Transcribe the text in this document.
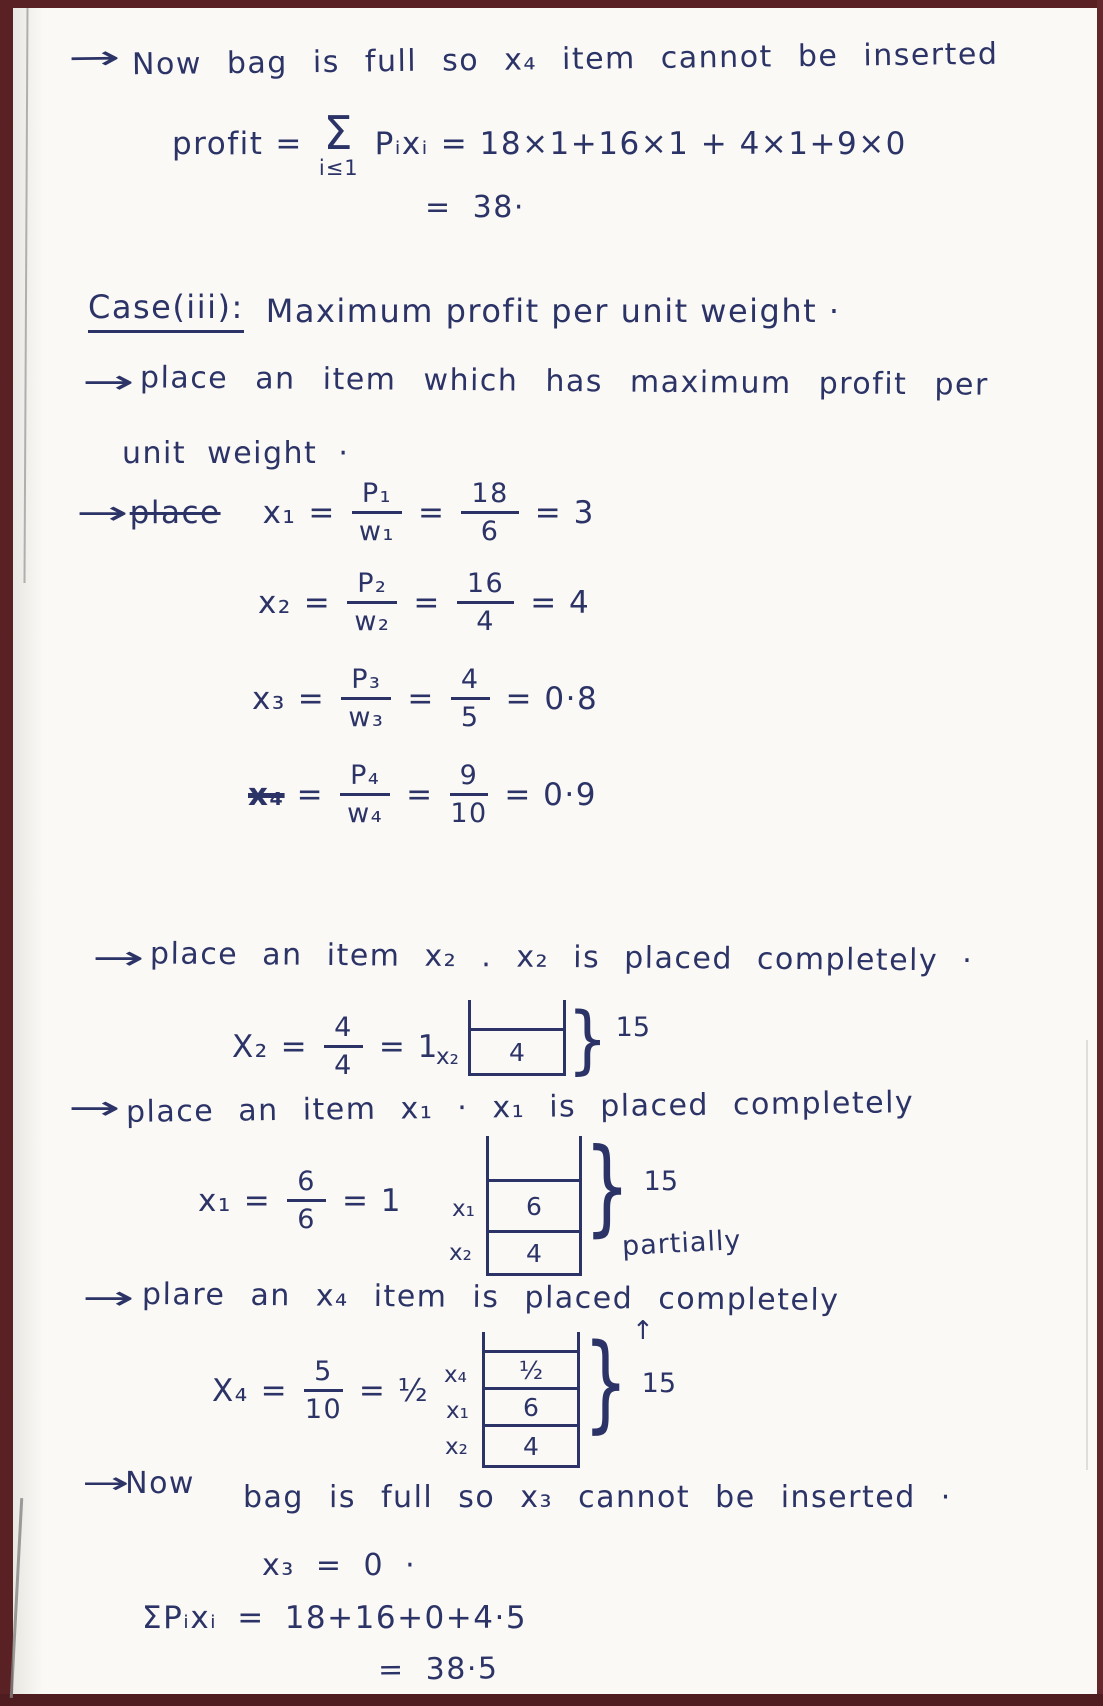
→ Now bag is full so x₄ item cannot be inserted
profit = Σ
i≤1
Pᵢxᵢ = 18×1+16×1 + 4×1+9×0
= 38·
Case(iii): Maximum profit per unit weight ·
→ place an item which has maximum profit per
unit weight ·
→ place $x_1 = \frac{\text{P₁}}{\text{w₁}} = \frac{18}{6} = 3$
$x_2 = \frac{\text{P₂}}{\text{w₂}} = \frac{16}{4} = 4$
$x_3 = \frac{\text{P₃}}{\text{w₃}} = \frac{4}{5} = 0\cdot 8$
$x_4 = \frac{\text{P₄}}{\text{w₄}} = \frac{9}{10} = 0\cdot 9$
→ place an item x₂ . x₂ is placed completely ·
$X_2 = \frac{4}{4} = 1$	4
x₂ } 15
→ place an item x₁ · x₁ is placed completely
$x_1 = \frac{6}{6} = 1$	6
4
x₁
x₂
} 15
partially
→ plare an x₄ item is placed completely
↑
$X_4 = \frac{5}{10}$ = ½
½
6
4
x₄
x₁
x₂
} 15
→
Now bag is full so x₃ cannot be inserted ·
x₃ = 0 ·
ΣPᵢxᵢ = 18+16+0+4·5
= 38·5
